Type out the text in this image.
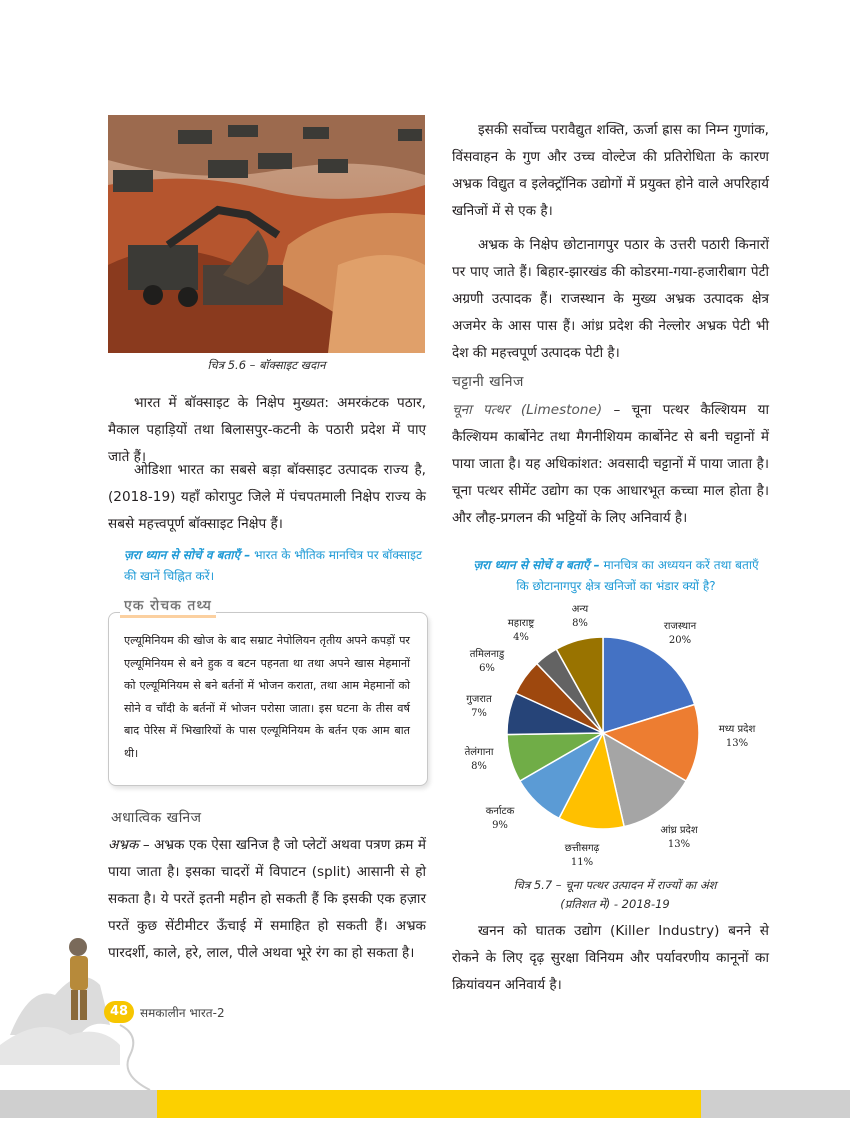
चित्र 5.6 – बॉक्साइट खदान

भारत में बॉक्साइट के निक्षेप मुख्यत: अमरकंटक पठार, मैकाल पहाड़ियों तथा बिलासपुर-कटनी के पठारी प्रदेश में पाए जाते हैं।

ओडिशा भारत का सबसे बड़ा बॉक्साइट उत्पादक राज्य है, (2018-19) यहाँ कोरापुट जिले में पंचपतमाली निक्षेप राज्य के सबसे महत्त्वपूर्ण बॉक्साइट निक्षेप हैं।

ज़रा ध्यान से सोचें व बताएँ – भारत के भौतिक मानचित्र पर बॉक्साइट की खानें चिह्नित करें।
एक रोचक तथ्य

एल्यूमिनियम की खोज के बाद सम्राट नेपोलियन तृतीय अपने कपड़ों पर एल्यूमिनियम से बने हुक व बटन पहनता था तथा अपने खास मेहमानों को एल्यूमिनियम से बने बर्तनों में भोजन कराता, तथा आम मेहमानों को सोने व चाँदी के बर्तनों में भोजन परोसा जाता। इस घटना के तीस वर्ष बाद पेरिस में भिखारियों के पास एल्यूमिनियम के बर्तन एक आम बात थी।

अधात्विक खनिज

अभ्रक – अभ्रक एक ऐसा खनिज है जो प्लेटों अथवा पत्रण क्रम में पाया जाता है। इसका चादरों में विपाटन (split) आसानी से हो सकता है। ये परतें इतनी महीन हो सकती हैं कि इसकी एक हज़ार परतें कुछ सेंटीमीटर ऊँचाई में समाहित हो सकती हैं। अभ्रक पारदर्शी, काले, हरे, लाल, पीले अथवा भूरे रंग का हो सकता है।

इसकी सर्वोच्च परावैद्युत शक्ति, ऊर्जा ह्रास का निम्न गुणांक, विंसवाहन के गुण और उच्च वोल्टेज की प्रतिरोधिता के कारण अभ्रक विद्युत व इलेक्ट्रॉनिक उद्योगों में प्रयुक्त होने वाले अपरिहार्य खनिजों में से एक है।

अभ्रक के निक्षेप छोटानागपुर पठार के उत्तरी पठारी किनारों पर पाए जाते हैं। बिहार-झारखंड की कोडरमा-गया-हजारीबाग पेटी अग्रणी उत्पादक हैं। राजस्थान के मुख्य अभ्रक उत्पादक क्षेत्र अजमेर के आस पास हैं। आंध्र प्रदेश की नेल्लोर अभ्रक पेटी भी देश की महत्त्वपूर्ण उत्पादक पेटी है।

चट्टानी खनिज

चूना पत्थर (Limestone) – चूना पत्थर कैल्शियम या कैल्शियम कार्बोनेट तथा मैगनीशियम कार्बोनेट से बनी चट्टानों में पाया जाता है। यह अधिकांशत: अवसादी चट्टानों में पाया जाता है। चूना पत्थर सीमेंट उद्योग का एक आधारभूत कच्चा माल होता है। और लौह-प्रगलन की भट्टियों के लिए अनिवार्य है।

ज़रा ध्यान से सोचें व बताएँ – मानचित्र का अध्ययन करें तथा बताएँ कि छोटानागपुर क्षेत्र खनिजों का भंडार क्यों है?
राजस्थान
20%
मध्य प्रदेश
13%
आंध्र प्रदेश
13%
छत्तीसगढ़
11%
कर्नाटक
9%
तेलंगाना
8%
गुजरात
7%
तमिलनाडु
6%
महाराष्ट्र
4%
अन्य
8%
चित्र 5.7 – चूना पत्थर उत्पादन में राज्यों का अंश
(प्रतिशत में) - 2018-19

खनन को घातक उद्योग (Killer Industry) बनने से रोकने के लिए दृढ़ सुरक्षा विनियम और पर्यावरणीय कानूनों का क्रियांवयन अनिवार्य है।

48 समकालीन भारत-2
